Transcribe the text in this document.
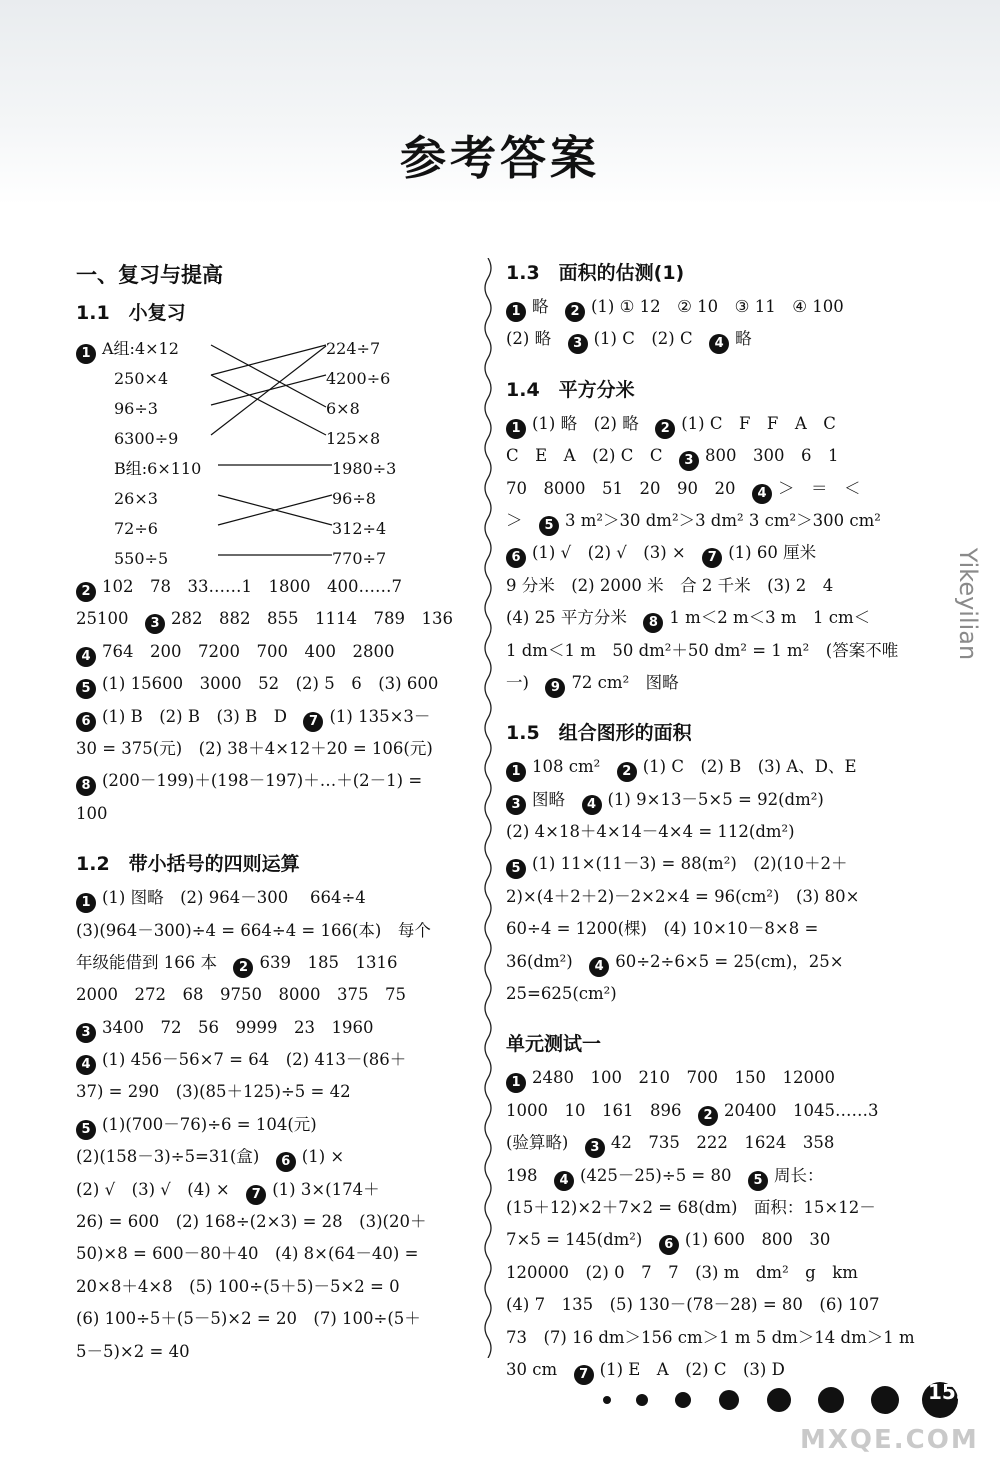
参考答案
一、复习与提高
1.1　小复习
1 A组:4×12
250×4
96÷3
6300÷9
224÷7
4200÷6
6×8
125×8
B组:6×110
26×3
72÷6
550÷5
1980÷3
96÷8
312÷4
770÷7
2 102　78　33……1　1800　400……7
25100　3 282　882　855　1114　789　136
4 764　200　7200　700　400　2800
5 (1) 15600　3000　52　(2) 5　6　(3) 600
6 (1) B　(2) B　(3) B　D　7 (1) 135×3－
30 = 375(元)　(2) 38＋4×12＋20 = 106(元)
8 (200－199)＋(198－197)＋…＋(2－1) =
100
1.2　带小括号的四则运算
1 (1) 图略　(2) 964－300　 664÷4
(3)(964－300)÷4 = 664÷4 = 166(本)　每个
年级能借到 166 本　2 639　185　1316
2000　272　68　9750　8000　375　75
3 3400　72　56　9999　23　1960
4 (1) 456－56×7 = 64　(2) 413－(86＋
37) = 290　(3)(85＋125)÷5 = 42
5 (1)(700－76)÷6 = 104(元)
(2)(158－3)÷5=31(盒)　6 (1) ×
(2) √　(3) √　(4) ×　7 (1) 3×(174＋
26) = 600　(2) 168÷(2×3) = 28　(3)(20＋
50)×8 = 600－80＋40　(4) 8×(64－40) =
20×8＋4×8　(5) 100÷(5＋5)－5×2 = 0
(6) 100÷5＋(5－5)×2 = 20　(7) 100÷(5＋
5－5)×2 = 40
1.3　面积的估测(1)
1 略　2 (1) ① 12　② 10　③ 11　④ 100
(2) 略　3 (1) C　(2) C　4 略
1.4　平方分米
1 (1) 略　(2) 略　2 (1) C　F　F　A　C
C　E　A　(2) C　C　3 800　300　6　1
70　8000　51　20　90　20　4 ＞　＝　＜
＞　5 3 m²＞30 dm²＞3 dm² 3 cm²＞300 cm²
6 (1) √　(2) √　(3) ×　7 (1) 60 厘米
9 分米　(2) 2000 米　合 2 千米　(3) 2　4
(4) 25 平方分米　8 1 m＜2 m＜3 m　1 cm＜
1 dm＜1 m　50 dm²＋50 dm² = 1 m²　(答案不唯
一)　9 72 cm²　图略
1.5　组合图形的面积
1 108 cm²　2 (1) C　(2) B　(3) A、D、E
3 图略　4 (1) 9×13－5×5 = 92(dm²)
(2) 4×18＋4×14－4×4 = 112(dm²)
5 (1) 11×(11－3) = 88(m²)　(2)(10＋2＋
2)×(4＋2＋2)－2×2×4 = 96(cm²)　(3) 80×
60÷4 = 1200(棵)　(4) 10×10－8×8 =
36(dm²)　4 60÷2÷6×5 = 25(cm)，25×
25=625(cm²)
单元测试一
1 2480　100　210　700　150　12000
1000　10　161　896　2 20400　1045……3
(验算略)　3 42　735　222　1624　358
198　4 (425－25)÷5 = 80　5 周长：
(15＋12)×2＋7×2 = 68(dm)　面积：15×12－
7×5 = 145(dm²)　6 (1) 600　800　30
120000　(2) 0　7　7　(3) m　dm²　g　km
(4) 7　135　(5) 130－(78－28) = 80　(6) 107
73　(7) 16 dm＞156 cm＞1 m 5 dm＞14 dm＞1 m
30 cm　7 (1) E　A　(2) C　(3) D
Yikeyilian
153
MXQE.COM
